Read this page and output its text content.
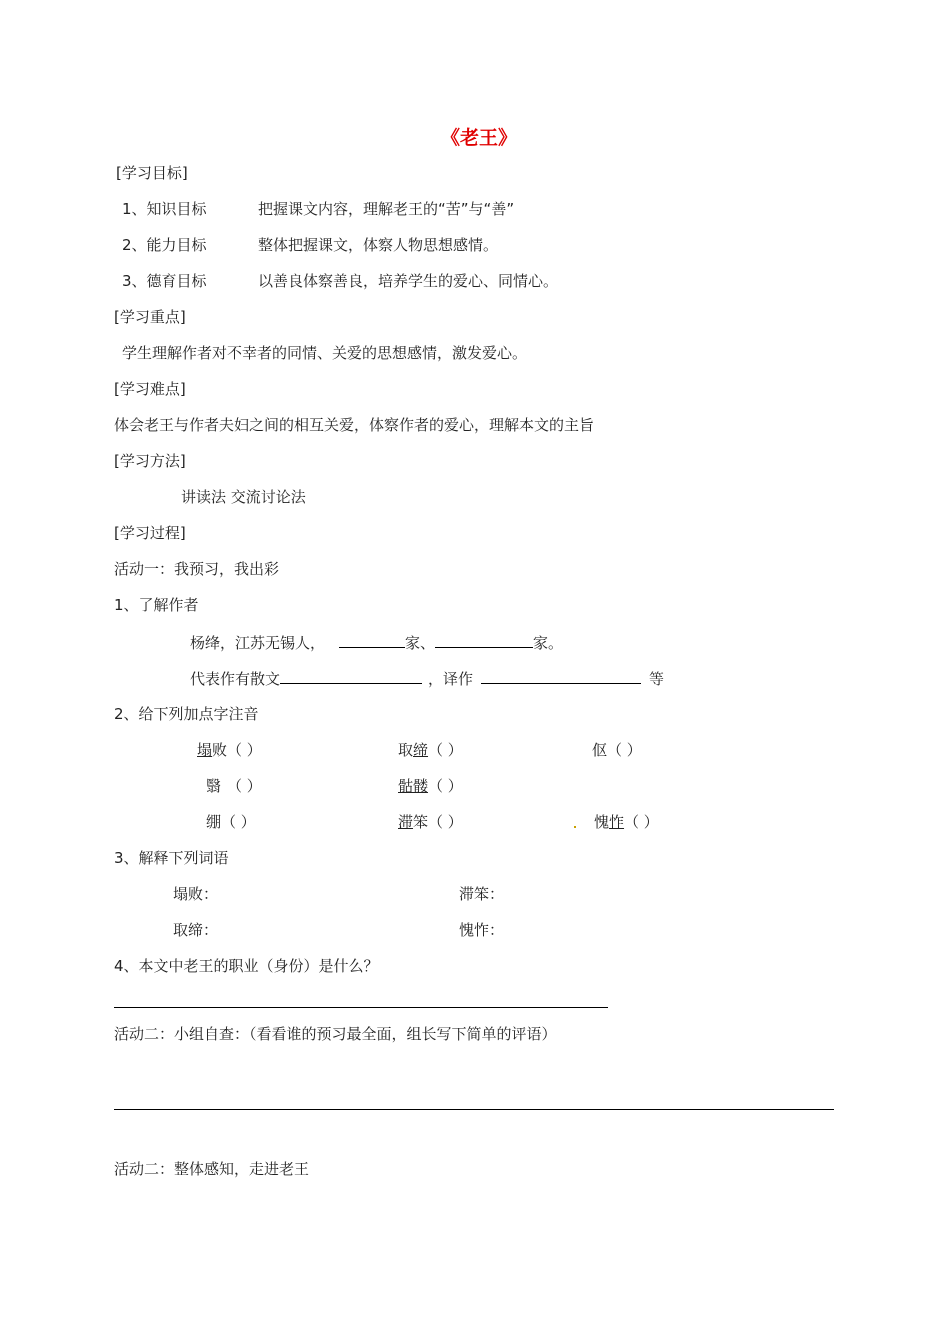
《老王》
[学习目标]
1、知识目标	把握课文内容，理解老王的“苦”与“善”
2、能力目标	整体把握课文，体察人物思想感情。
3、德育目标	以善良体察善良，培养学生的爱心、同情心。
[学习重点]
学生理解作者对不幸者的同情、关爱的思想感情，激发爱心。
[学习难点]
体会老王与作者夫妇之间的相互关爱，体察作者的爱心，理解本文的主旨
[学习方法]
讲读法 交流讨论法
[学习过程]
活动一：我预习，我出彩
1、了解作者
杨绛，江苏无锡人，	家、	家。
代表作有散文	，译作	等
2、给下列加点字注音
塌败（ ）	取缔（ ）	伛（ ）
翳 （ ）	骷髅（ ）
绷（ ）	滞笨（ ）	愧怍（ ）
3、解释下列词语
塌败：	滞笨：
取缔：	愧怍：
4、本文中老王的职业（身份）是什么？
活动二：小组自查：（看看谁的预习最全面，组长写下简单的评语）
活动二：整体感知，走进老王
